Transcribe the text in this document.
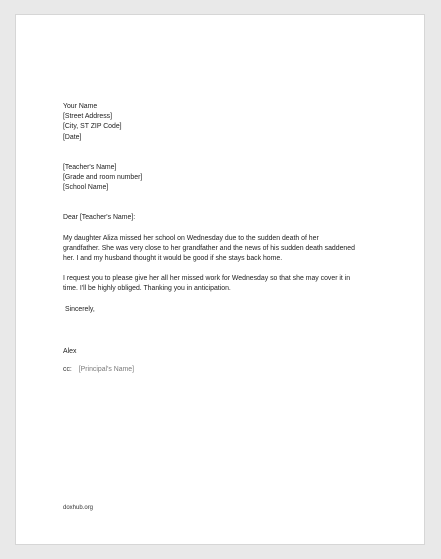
Your Name
[Street Address]
[City, ST ZIP Code]
[Date]
[Teacher's Name]
[Grade and room number]
[School Name]
Dear [Teacher's Name]:
My daughter Aliza missed her school on Wednesday due to the sudden death of her
grandfather. She was very close to her grandfather and the news of his sudden death saddened
her. I and my husband thought it would be good if she stays back home.
I request you to please give her all her missed work for Wednesday so that she may cover it in
time. I'll be highly obliged. Thanking you in anticipation.
Sincerely,
Alex
cc: [Principal's Name]
doxhub.org
